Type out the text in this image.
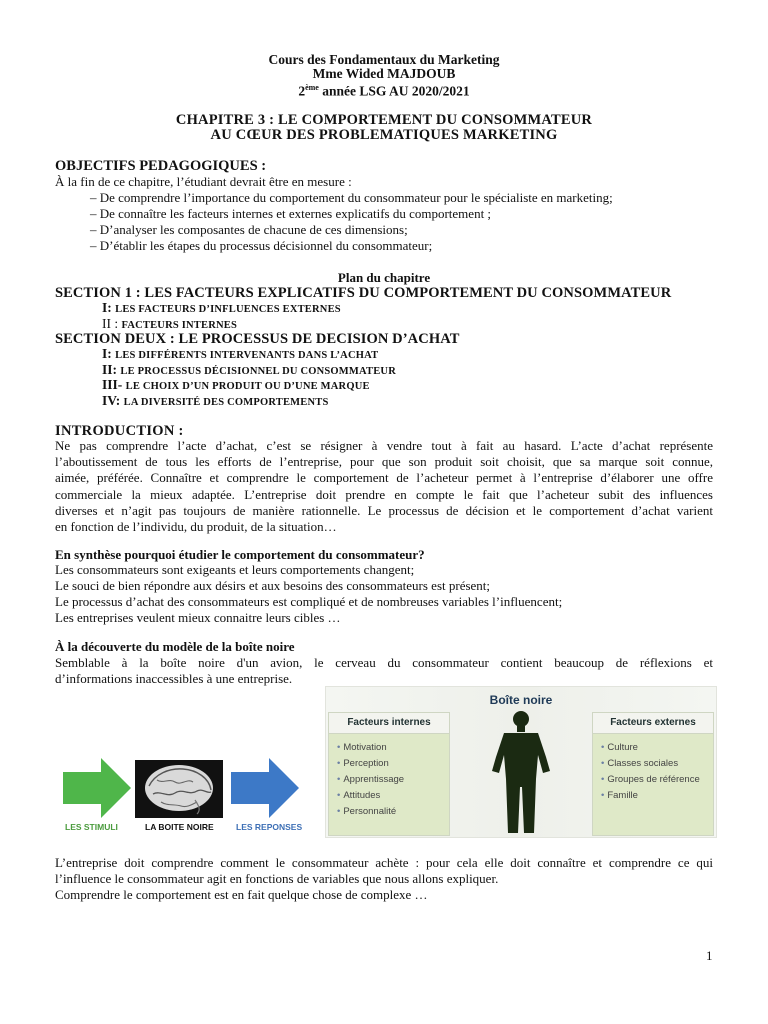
Cours des Fondamentaux du Marketing
Mme Wided MAJDOUB
2ème année LSG AU 2020/2021
CHAPITRE 3 : LE COMPORTEMENT DU CONSOMMATEUR
AU CŒUR DES PROBLEMATIQUES MARKETING
OBJECTIFS PEDAGOGIQUES :
À la fin de ce chapitre, l’étudiant devrait être en mesure :
– De comprendre l’importance du comportement du consommateur pour le spécialiste en marketing;
– De connaître les facteurs internes et externes explicatifs du comportement ;
– D’analyser les composantes de chacune de ces dimensions;
– D’établir les étapes du processus décisionnel du consommateur;
Plan du chapitre
SECTION 1 : LES FACTEURS EXPLICATIFS DU COMPORTEMENT DU CONSOMMATEUR
I: LES FACTEURS D’INFLUENCES EXTERNES
II : FACTEURS INTERNES
SECTION DEUX : LE PROCESSUS DE DECISION D’ACHAT
I: LES DIFFÉRENTS INTERVENANTS DANS L’ACHAT
II: LE PROCESSUS DÉCISIONNEL DU CONSOMMATEUR
III- LE CHOIX D’UN PRODUIT OU D’UNE MARQUE
IV: LA DIVERSITÉ DES COMPORTEMENTS
INTRODUCTION :
Ne pas comprendre l’acte d’achat, c’est se résigner à vendre tout à fait au hasard. L’acte d’achat représente
l’aboutissement de tous les efforts de l’entreprise, pour que son produit soit choisit, que sa marque soit connue,
aimée, préférée. Connaître et comprendre le comportement de l’acheteur permet à l’entreprise d’élaborer une offre
commerciale la mieux adaptée. L’entreprise doit prendre en compte le fait que l’acheteur subit des influences
diverses et n’agit pas toujours de manière rationnelle. Le processus de décision et le comportement d’achat varient
en fonction de l’individu, du produit, de la situation…
En synthèse pourquoi étudier le comportement du consommateur?
Les consommateurs sont exigeants et leurs comportements changent;
Le souci de bien répondre aux désirs et aux besoins des consommateurs est présent;
Le processus d’achat des consommateurs est compliqué et de nombreuses variables l’influencent;
Les entreprises veulent mieux connaitre leurs cibles …
À la découverte du modèle de la boîte noire
Semblable à la boîte noire d'un avion, le cerveau du consommateur contient beaucoup de réflexions et
d’informations inaccessibles à une entreprise.
LES STIMULI	LA BOITE NOIRE	LES REPONSES
Boîte noire
Facteurs internes
• Motivation
• Perception
• Apprentissage
• Attitudes
• Personnalité
Facteurs externes
• Culture
• Classes sociales
• Groupes de référence
• Famille
L’entreprise doit comprendre comment le consommateur achète : pour cela elle doit connaître et comprendre ce qui
l’influence le consommateur agit en fonctions de variables que nous allons expliquer.
Comprendre le comportement est en fait quelque chose de complexe …
1
